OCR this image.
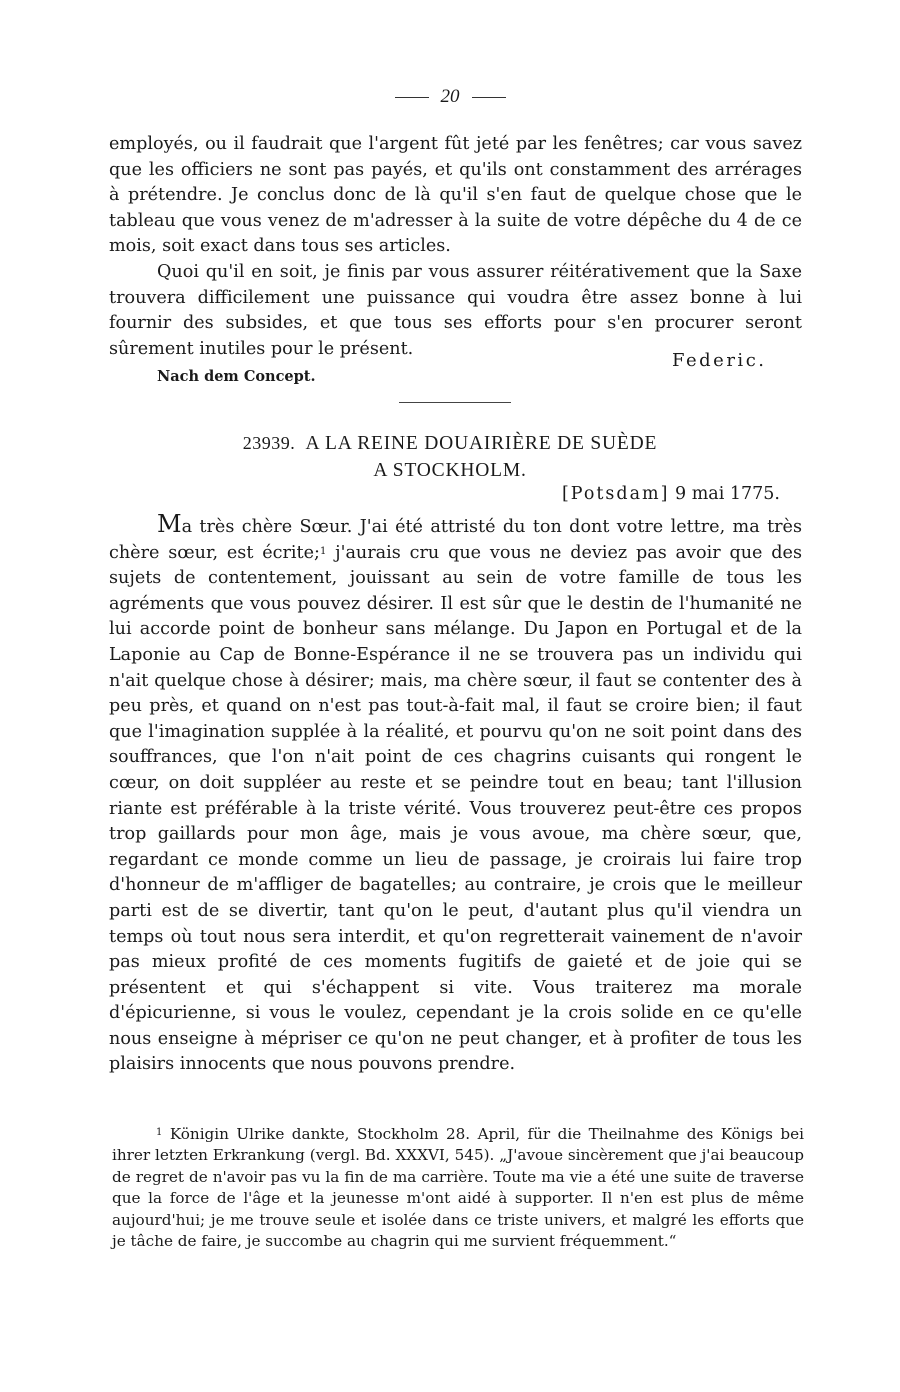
20

employés, ou il faudrait que l'argent fût jeté par les fenêtres; car vous savez que les officiers ne sont pas payés, et qu'ils ont constamment des arrérages à prétendre. Je conclus donc de là qu'il s'en faut de quelque chose que le tableau que vous venez de m'adresser à la suite de votre dépêche du 4 de ce mois, soit exact dans tous ses articles.

Quoi qu'il en soit, je finis par vous assurer réitérativement que la Saxe trouvera difficilement une puissance qui voudra être assez bonne à lui fournir des subsides, et que tous ses efforts pour s'en procurer seront sûrement inutiles pour le présent.

Federic.
Nach dem Concept.
23939. A LA REINE DOUAIRIÈRE DE SUÈDE
A STOCKHOLM.
[Potsdam] 9 mai 1775.

Ma très chère Sœur. J'ai été attristé du ton dont votre lettre, ma très chère sœur, est écrite;$^1$ j'aurais cru que vous ne deviez pas avoir que des sujets de contentement, jouissant au sein de votre famille de tous les agréments que vous pouvez désirer. Il est sûr que le destin de l'humanité ne lui accorde point de bonheur sans mélange. Du Japon en Portugal et de la Laponie au Cap de Bonne-Espérance il ne se trouvera pas un individu qui n'ait quelque chose à désirer; mais, ma chère sœur, il faut se contenter des à peu près, et quand on n'est pas tout-à-fait mal, il faut se croire bien; il faut que l'imagination supplée à la réalité, et pourvu qu'on ne soit point dans des souffrances, que l'on n'ait point de ces chagrins cuisants qui rongent le cœur, on doit suppléer au reste et se peindre tout en beau; tant l'illusion riante est préférable à la triste vérité. Vous trouverez peut-être ces propos trop gaillards pour mon âge, mais je vous avoue, ma chère sœur, que, regardant ce monde comme un lieu de passage, je croirais lui faire trop d'honneur de m'affliger de bagatelles; au contraire, je crois que le meilleur parti est de se divertir, tant qu'on le peut, d'autant plus qu'il viendra un temps où tout nous sera interdit, et qu'on regretterait vainement de n'avoir pas mieux profité de ces moments fugitifs de gaieté et de joie qui se présentent et qui s'échappent si vite. Vous traiterez ma morale d'épicurienne, si vous le voulez, cependant je la crois solide en ce qu'elle nous enseigne à mépriser ce qu'on ne peut changer, et à profiter de tous les plaisirs innocents que nous pouvons prendre.

$^1$ Königin Ulrike dankte, Stockholm 28. April, für die Theilnahme des Königs bei ihrer letzten Erkrankung (vergl. Bd. XXXVI, 545). „J'avoue sincèrement que j'ai beaucoup de regret de n'avoir pas vu la fin de ma carrière. Toute ma vie a été une suite de traverse que la force de l'âge et la jeunesse m'ont aidé à supporter. Il n'en est plus de même aujourd'hui; je me trouve seule et isolée dans ce triste univers, et malgré les efforts que je tâche de faire, je succombe au chagrin qui me survient fréquemment.“
